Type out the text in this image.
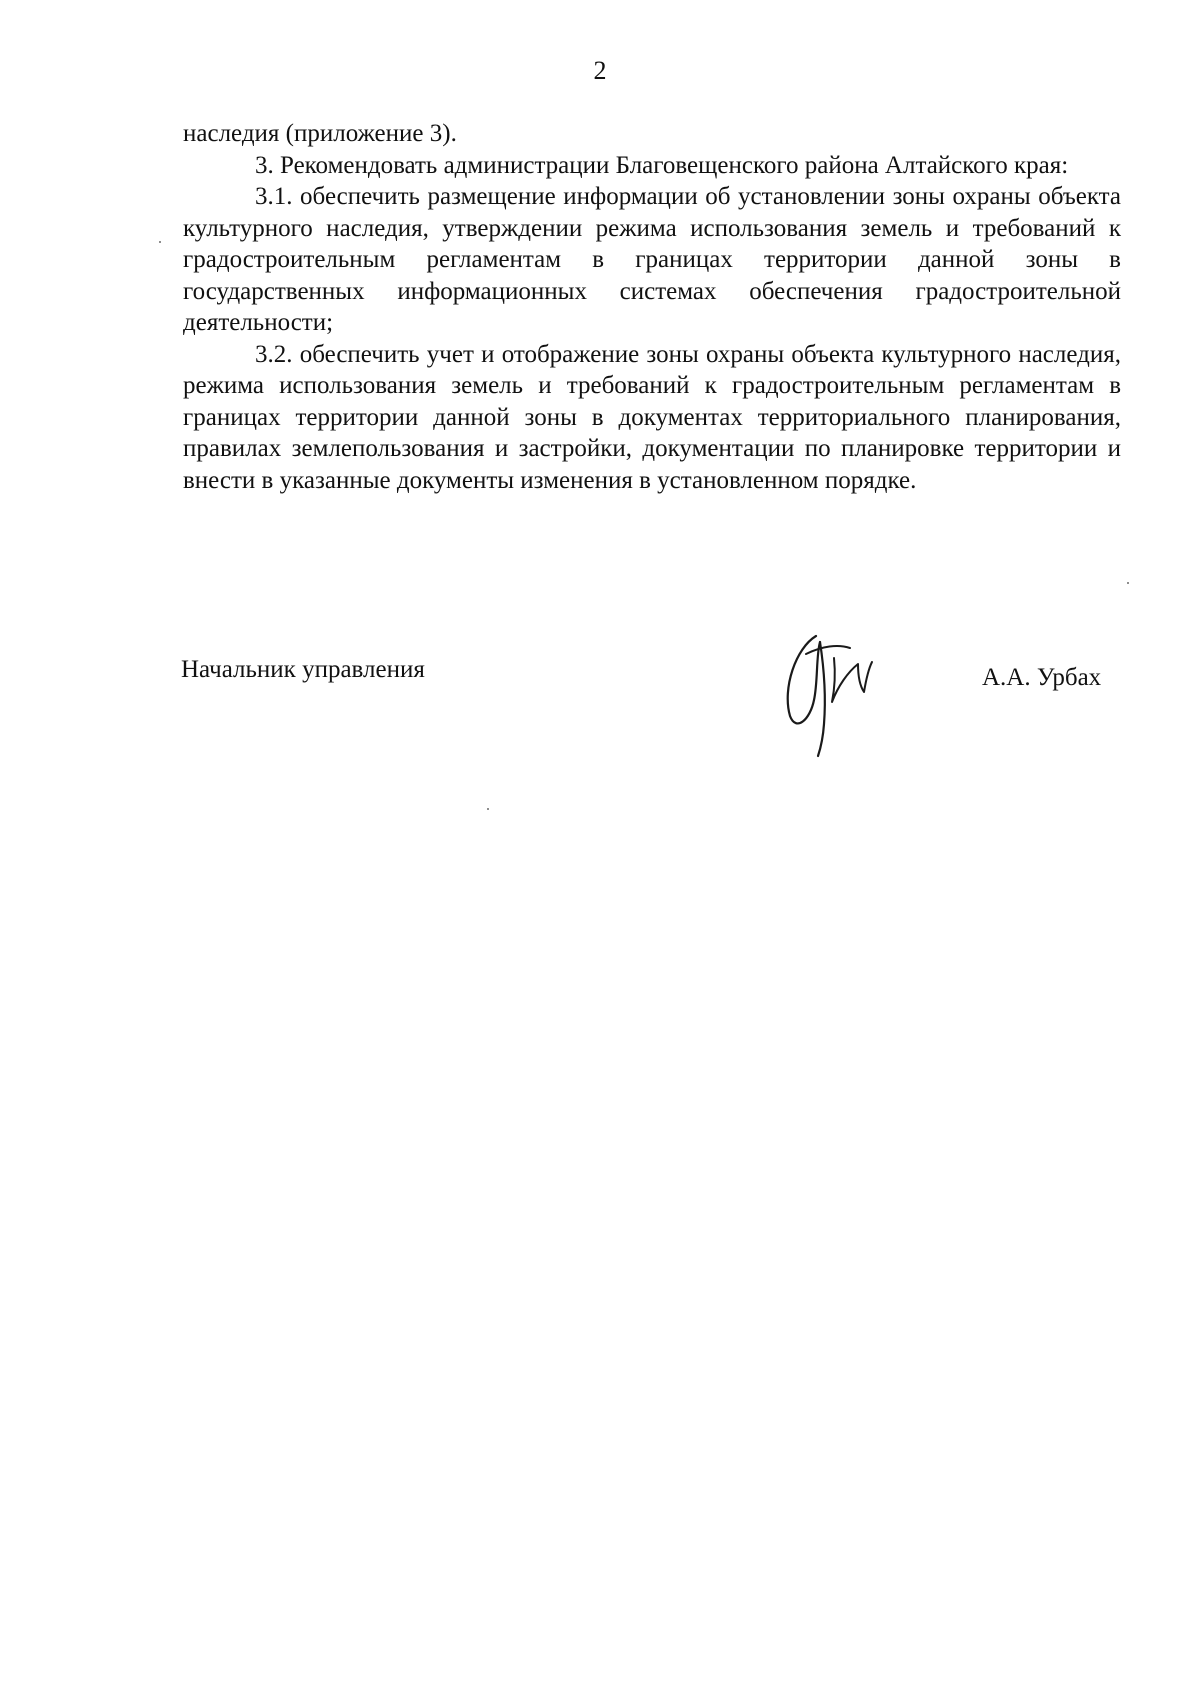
2

наследия (приложение 3).

3. Рекомендовать администрации Благовещенского района Алтайского края:

3.1. обеспечить размещение информации об установлении зоны охраны объекта культурного наследия, утверждении режима использования земель и требований к градостроительным регламентам в границах территории данной зоны в государственных информационных системах обеспечения градостроительной деятельности;

3.2. обеспечить учет и отображение зоны охраны объекта культурного наследия, режима использования земель и требований к градостроительным регламентам в границах территории данной зоны в документах территориального планирования, правилах землепользования и застройки, документации по планировке территории и внести в указанные документы изменения в установленном порядке.

Начальник управления	А.А. Урбах
